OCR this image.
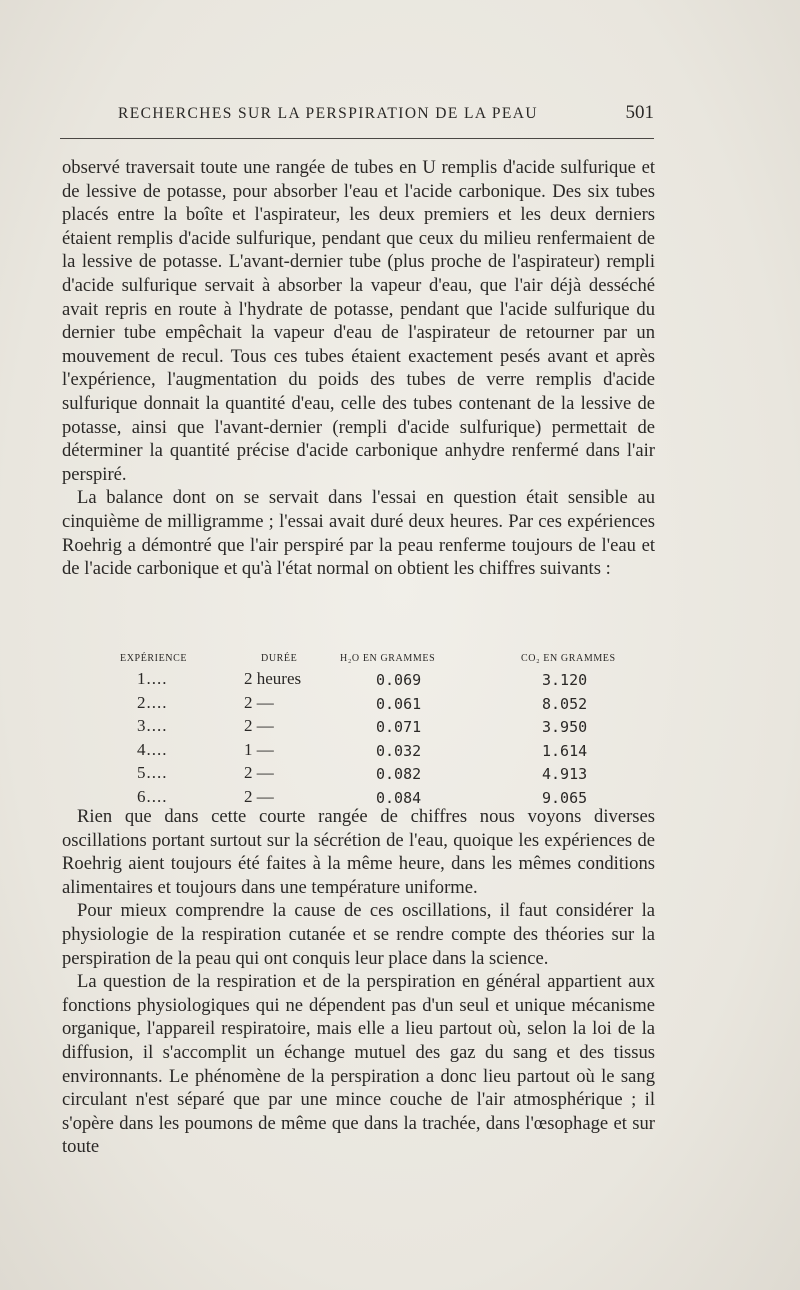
RECHERCHES SUR LA PERSPIRATION DE LA PEAU	501

observé traversait toute une rangée de tubes en U remplis d'acide sulfurique et de lessive de potasse, pour absorber l'eau et l'acide carbonique. Des six tubes placés entre la boîte et l'aspirateur, les deux premiers et les deux derniers étaient remplis d'acide sulfurique, pendant que ceux du milieu renfermaient de la lessive de potasse. L'avant-dernier tube (plus proche de l'aspirateur) rempli d'acide sulfurique servait à absorber la vapeur d'eau, que l'air déjà desséché avait repris en route à l'hydrate de potasse, pendant que l'acide sulfurique du dernier tube empêchait la vapeur d'eau de l'aspirateur de retourner par un mouvement de recul. Tous ces tubes étaient exactement pesés avant et après l'expérience, l'augmentation du poids des tubes de verre remplis d'acide sulfurique donnait la quantité d'eau, celle des tubes contenant de la lessive de potasse, ainsi que l'avant-dernier (rempli d'acide sulfurique) permettait de déterminer la quantité précise d'acide carbonique anhydre renfermé dans l'air perspiré.

La balance dont on se servait dans l'essai en question était sensible au cinquième de milligramme ; l'essai avait duré deux heures. Par ces expériences Roehrig a démontré que l'air perspiré par la peau renferme toujours de l'eau et de l'acide carbonique et qu'à l'état normal on obtient les chiffres suivants :

EXPÉRIENCE	DURÉE	H₂O EN GRAMMES	CO₂ EN GRAMMES
1....	2 heures	0.069	3.120
2....	2 —	0.061	8.052
3....	2 —	0.071	3.950
4....	1 —	0.032	1.614
5....	2 —	0.082	4.913
6....	2 —	0.084	9.065

Rien que dans cette courte rangée de chiffres nous voyons diverses oscillations portant surtout sur la sécrétion de l'eau, quoique les expériences de Roehrig aient toujours été faites à la même heure, dans les mêmes conditions alimentaires et toujours dans une température uniforme.

Pour mieux comprendre la cause de ces oscillations, il faut considérer la physiologie de la respiration cutanée et se rendre compte des théories sur la perspiration de la peau qui ont conquis leur place dans la science.

La question de la respiration et de la perspiration en général appartient aux fonctions physiologiques qui ne dépendent pas d'un seul et unique mécanisme organique, l'appareil respiratoire, mais elle a lieu partout où, selon la loi de la diffusion, il s'accomplit un échange mutuel des gaz du sang et des tissus environnants. Le phénomène de la perspiration a donc lieu partout où le sang circulant n'est séparé que par une mince couche de l'air atmosphérique ; il s'opère dans les poumons de même que dans la trachée, dans l'œsophage et sur toute
